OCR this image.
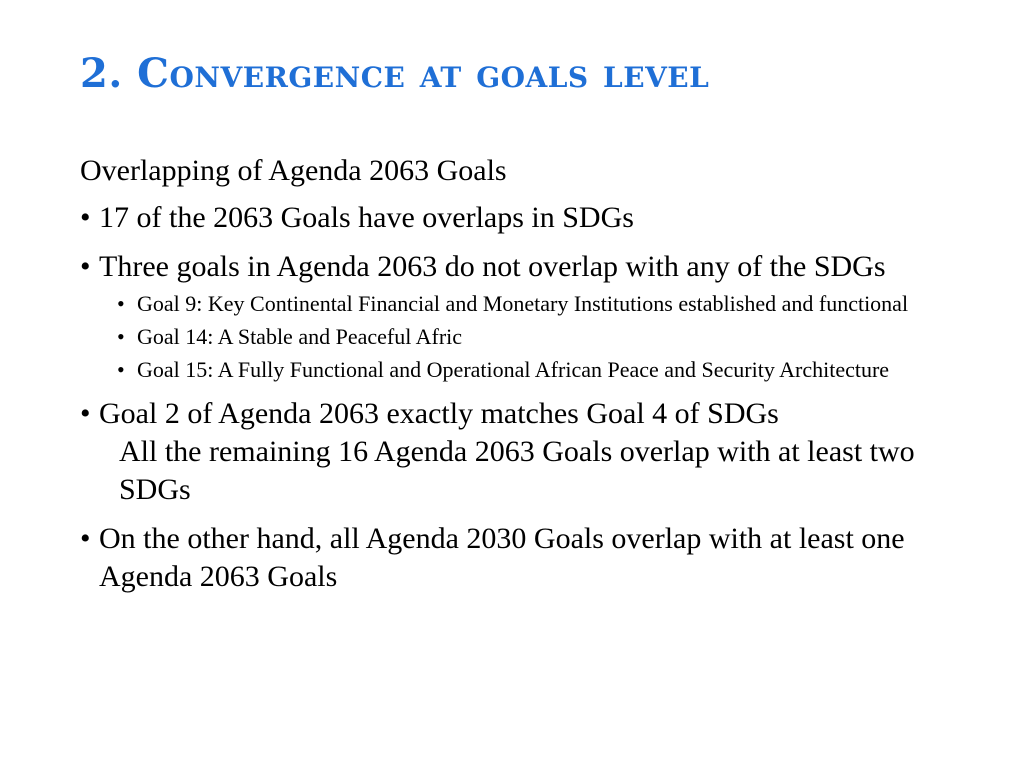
2. Convergence at goals level

Overlapping of Agenda 2063 Goals

• 17 of the 2063 Goals have overlaps in SDGs
• Three goals in Agenda 2063 do not overlap with any of the SDGs
• Goal 9: Key Continental Financial and Monetary Institutions established and functional
• Goal 14: A Stable and Peaceful Afric
• Goal 15: A Fully Functional and Operational African Peace and Security Architecture
• Goal 2 of Agenda 2063 exactly matches Goal 4 of SDGs
All the remaining 16 Agenda 2063 Goals overlap with at least two SDGs
• On the other hand, all Agenda 2030 Goals overlap with at least one Agenda 2063 Goals
